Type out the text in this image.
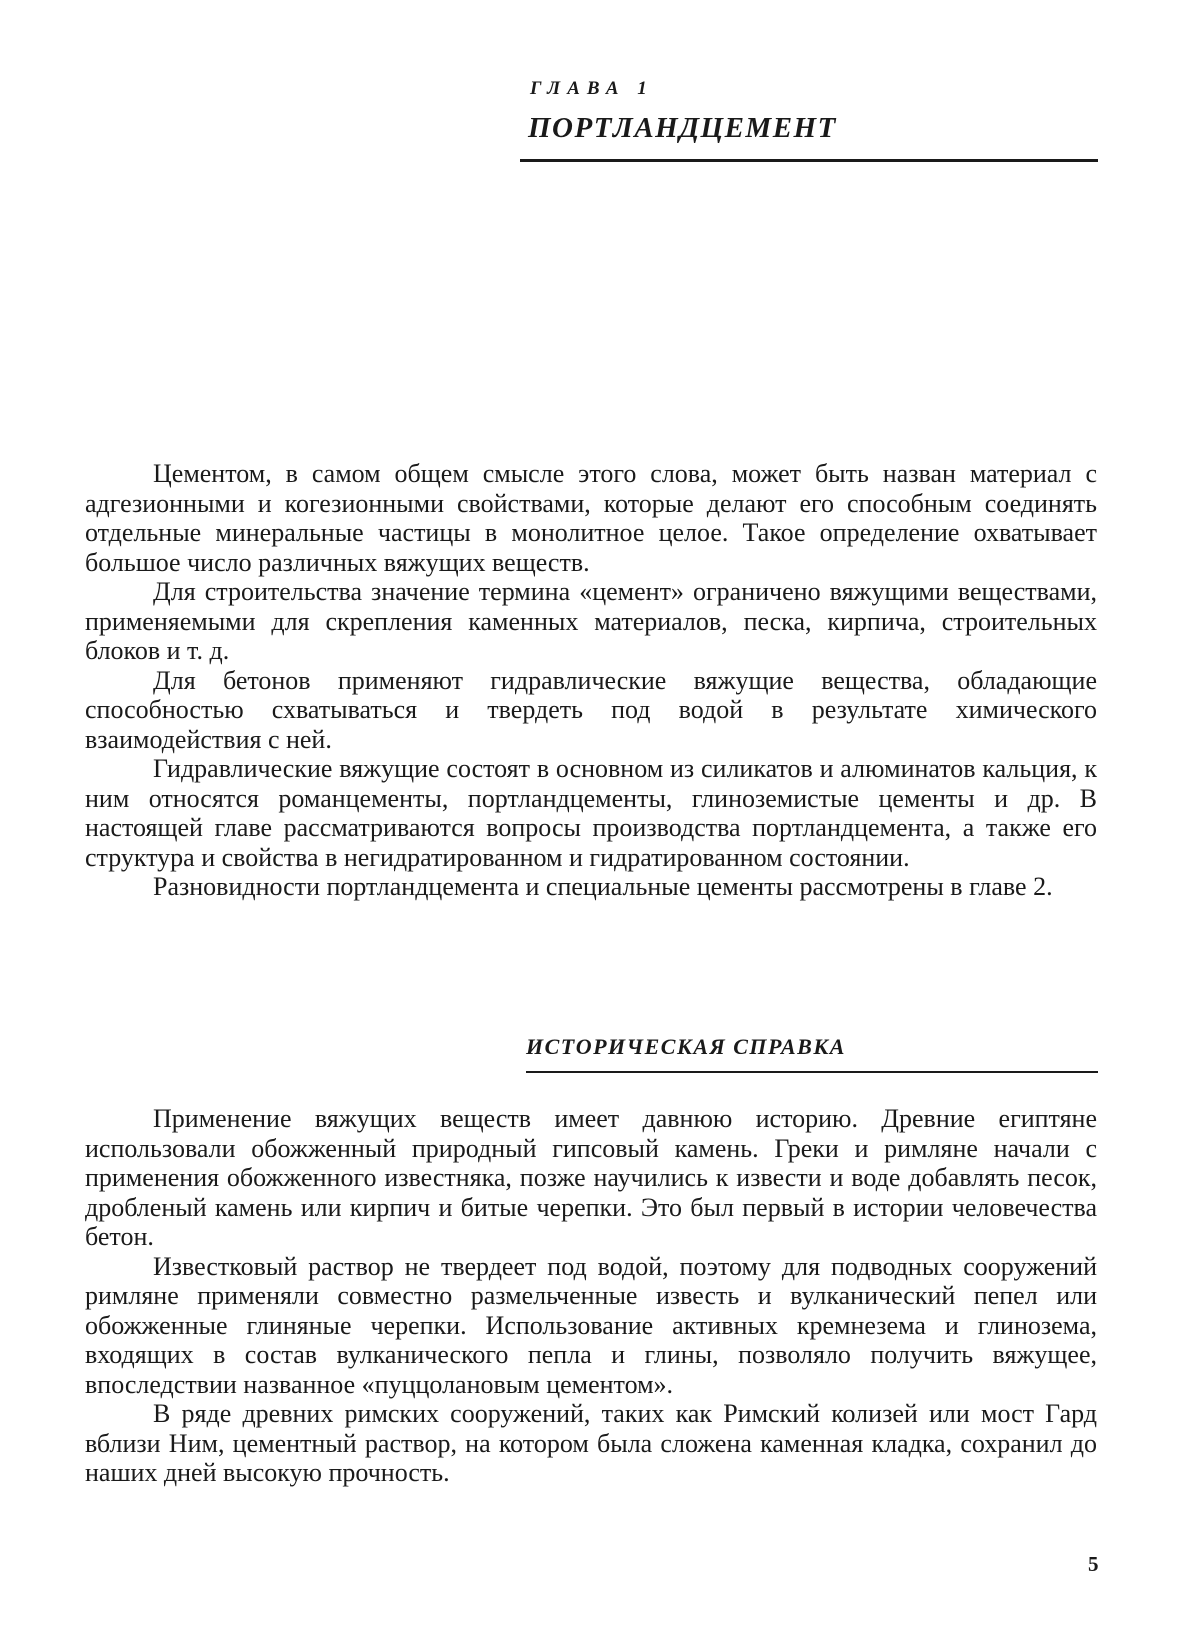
ГЛАВА 1
ПОРТЛАНДЦЕМЕНТ

Цементом, в самом общем смысле этого слова, может быть назван материал с адгезионными и когезионными свойствами, которые делают его способным соединять отдельные минеральные частицы в монолитное целое. Такое определение охватывает большое число различных вяжущих веществ.

Для строительства значение термина «цемент» ограничено вяжущими веществами, применяемыми для скрепления каменных материалов, песка, кирпича, строительных блоков и т. д.

Для бетонов применяют гидравлические вяжущие вещества, обладающие способностью схватываться и твердеть под водой в результате химического взаимодействия с ней.

Гидравлические вяжущие состоят в основном из силикатов и алюминатов кальция, к ним относятся романцементы, портландцементы, глиноземистые цементы и др. В настоящей главе рассматриваются вопросы производства портландцемента, а также его структура и свойства в негидратированном и гидратированном состоянии.

Разновидности портландцемента и специальные цементы рассмотрены в главе 2.

ИСТОРИЧЕСКАЯ СПРАВКА

Применение вяжущих веществ имеет давнюю историю. Древние египтяне использовали обожженный природный гипсовый камень. Греки и римляне начали с применения обожженного известняка, позже научились к извести и воде добавлять песок, дробленый камень или кирпич и битые черепки. Это был первый в истории человечества бетон.

Известковый раствор не твердеет под водой, поэтому для подводных сооружений римляне применяли совместно размельченные известь и вулканический пепел или обожженные глиняные черепки. Использование активных кремнезема и глинозема, входящих в состав вулканического пепла и глины, позволяло получить вяжущее, впоследствии названное «пуццолановым цементом».

В ряде древних римских сооружений, таких как Римский колизей или мост Гард вблизи Ним, цементный раствор, на котором была сложена каменная кладка, сохранил до наших дней высокую прочность.

5
